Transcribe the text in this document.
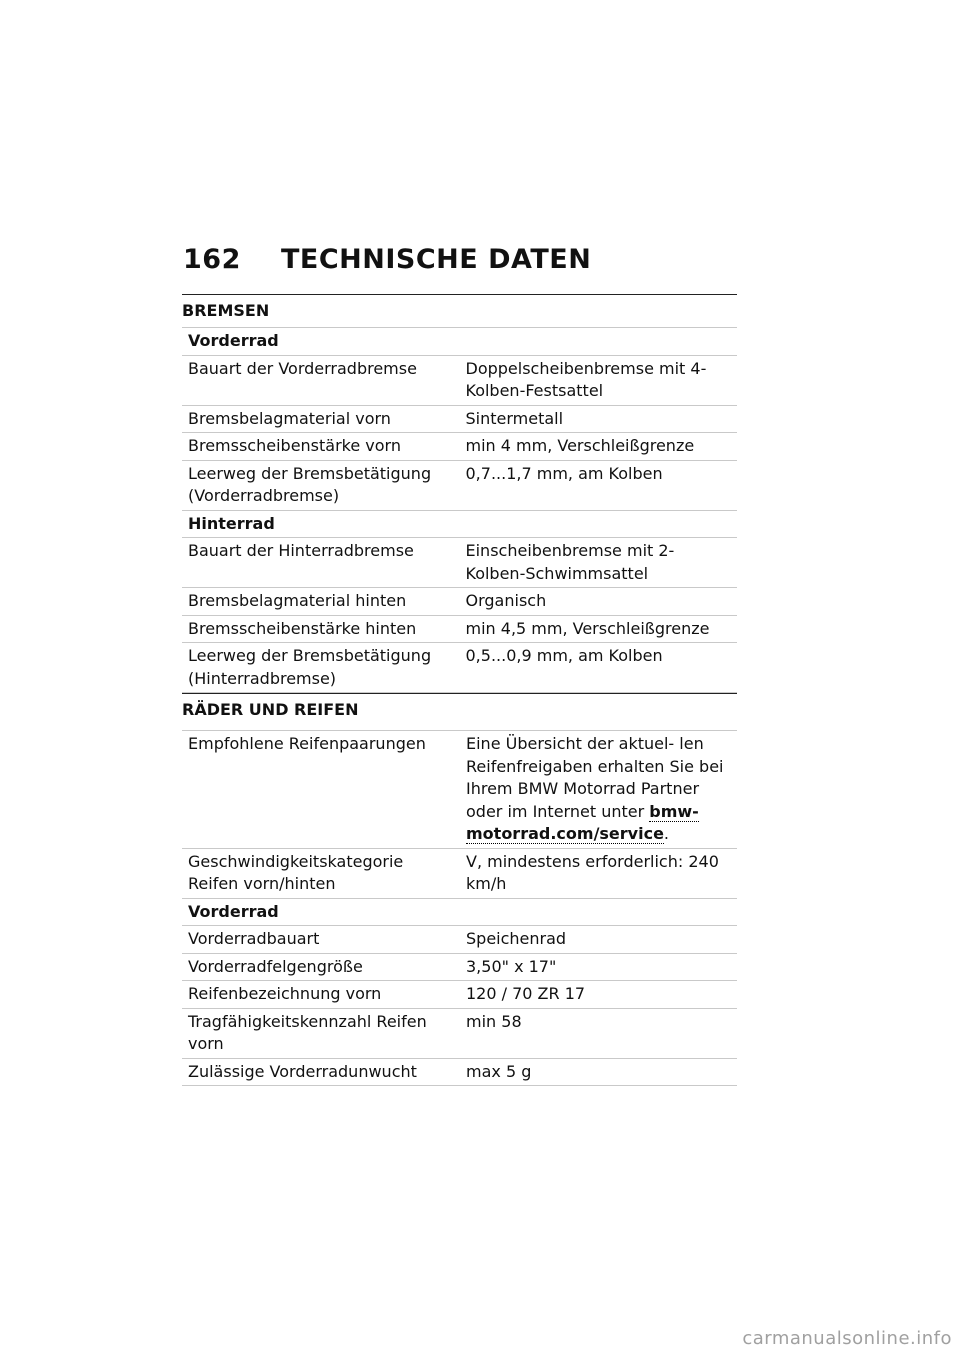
162 TECHNISCHE DATEN
BREMSEN
Vorderrad	
Bauart der Vorderradbremse	Doppelscheibenbremse mit 4-Kolben-Festsattel
Bremsbelagmaterial vorn	Sintermetall
Bremsscheibenstärke vorn	min 4 mm, Verschleißgrenze
Leerweg der Bremsbetätigung (Vorderradbremse)	0,7...1,7 mm, am Kolben
Hinterrad	
Bauart der Hinterradbremse	Einscheibenbremse mit 2-Kolben-Schwimmsattel
Bremsbelagmaterial hinten	Organisch
Bremsscheibenstärke hinten	min 4,5 mm, Verschleißgrenze
Leerweg der Bremsbetätigung (Hinterradbremse)	0,5...0,9 mm, am Kolben
RÄDER UND REIFEN
Empfohlene Reifenpaarungen	Eine Übersicht der aktuel- len Reifenfreigaben erhalten Sie bei Ihrem BMW Motorrad Partner oder im Internet unter bmw-motorrad.com/service.
Geschwindigkeitskategorie Reifen vorn/hinten	V, mindestens erforderlich: 240 km/h
Vorderrad	
Vorderradbauart	Speichenrad
Vorderradfelgengröße	3,50" x 17"
Reifenbezeichnung vorn	120 / 70 ZR 17
Tragfähigkeitskennzahl Reifen vorn	min 58
Zulässige Vorderradunwucht	max 5 g
carmanualsonline.info
